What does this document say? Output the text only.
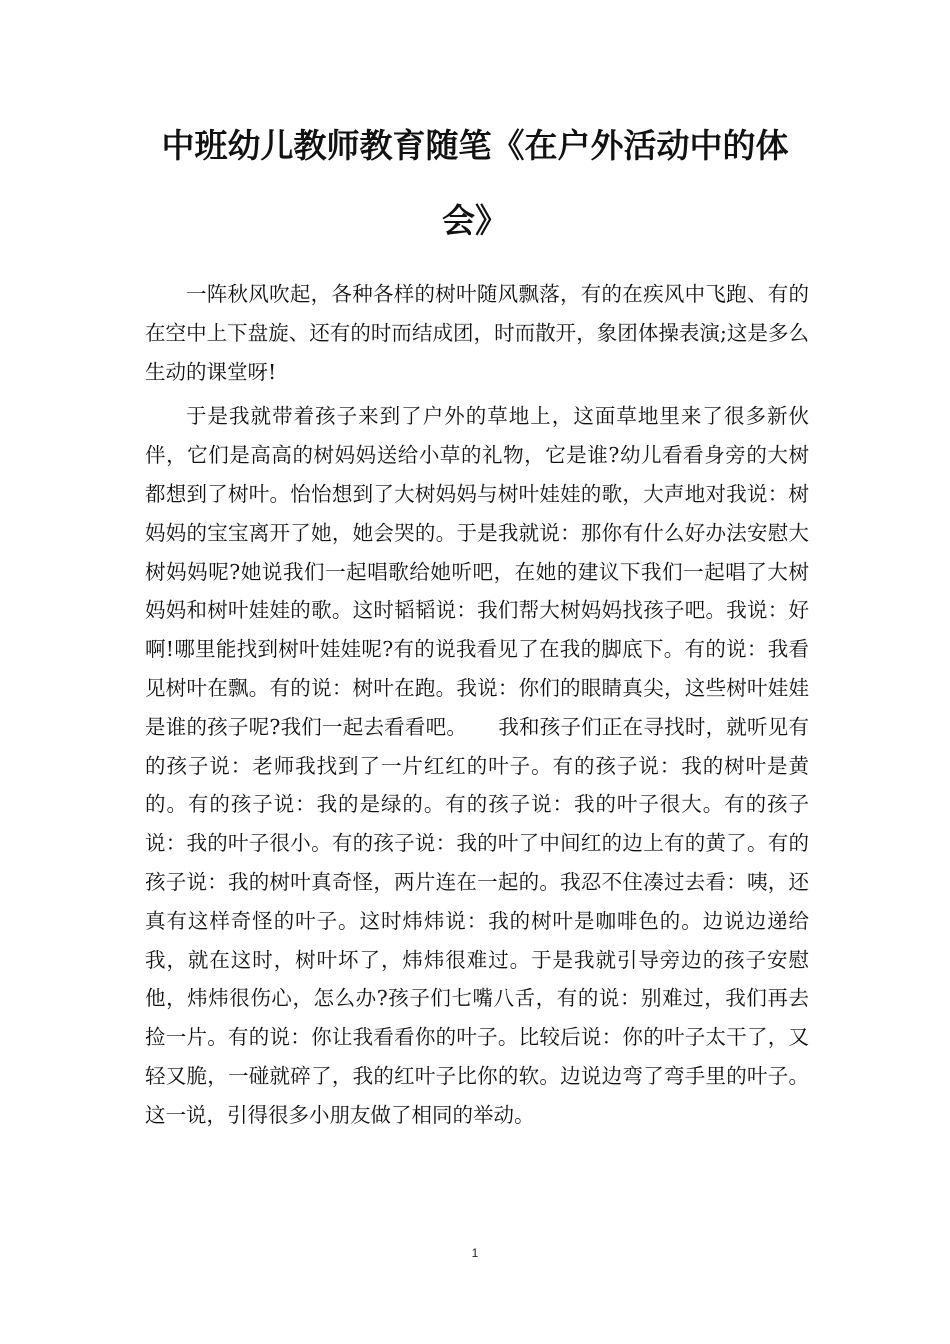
中班幼儿教师教育随笔《在户外活动中的体
会》

一阵秋风吹起，各种各样的树叶随风飘落，有的在疾风中飞跑、有的在空中上下盘旋、还有的时而结成团，时而散开，象团体操表演;这是多么生动的课堂呀!

于是我就带着孩子来到了户外的草地上，这面草地里来了很多新伙伴，它们是高高的树妈妈送给小草的礼物，它是谁?幼儿看看身旁的大树都想到了树叶。怡怡想到了大树妈妈与树叶娃娃的歌，大声地对我说：树妈妈的宝宝离开了她，她会哭的。于是我就说：那你有什么好办法安慰大树妈妈呢?她说我们一起唱歌给她听吧，在她的建议下我们一起唱了大树妈妈和树叶娃娃的歌。这时韬韬说：我们帮大树妈妈找孩子吧。我说：好啊!哪里能找到树叶娃娃呢?有的说我看见了在我的脚底下。有的说：我看见树叶在飘。有的说：树叶在跑。我说：你们的眼睛真尖，这些树叶娃娃是谁的孩子呢?我们一起去看看吧。　　我和孩子们正在寻找时，就听见有的孩子说：老师我找到了一片红红的叶子。有的孩子说：我的树叶是黄的。有的孩子说：我的是绿的。有的孩子说：我的叶子很大。有的孩子说：我的叶子很小。有的孩子说：我的叶了中间红的边上有的黄了。有的孩子说：我的树叶真奇怪，两片连在一起的。我忍不住凑过去看：咦，还真有这样奇怪的叶子。这时炜炜说：我的树叶是咖啡色的。边说边递给我，就在这时，树叶坏了，炜炜很难过。于是我就引导旁边的孩子安慰他，炜炜很伤心，怎么办?孩子们七嘴八舌，有的说：别难过，我们再去捡一片。有的说：你让我看看你的叶子。比较后说：你的叶子太干了，又轻又脆，一碰就碎了，我的红叶子比你的软。边说边弯了弯手里的叶子。这一说，引得很多小朋友做了相同的举动。

1
